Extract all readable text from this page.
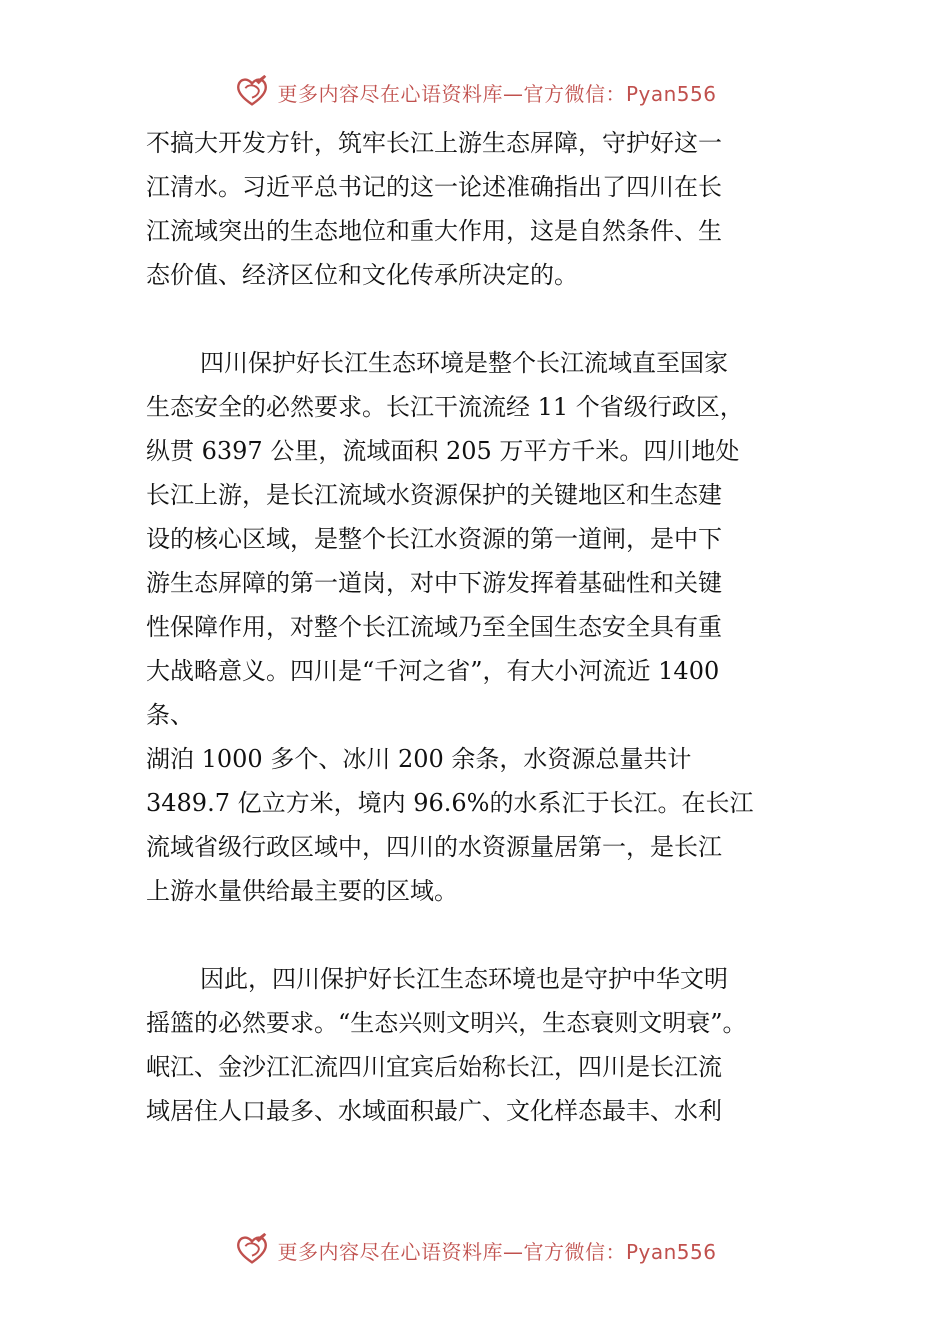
更多内容尽在心语资料库—官方微信：Pyan556
不搞大开发方针，筑牢长江上游生态屏障，守护好这一
江清水。习近平总书记的这一论述准确指出了四川在长
江流域突出的生态地位和重大作用，这是自然条件、生
态价值、经济区位和文化传承所决定的。
四川保护好长江生态环境是整个长江流域直至国家
生态安全的必然要求。长江干流流经 11 个省级行政区，
纵贯 6397 公里，流域面积 205 万平方千米。四川地处
长江上游，是长江流域水资源保护的关键地区和生态建
设的核心区域，是整个长江水资源的第一道闸，是中下
游生态屏障的第一道岗，对中下游发挥着基础性和关键
性保障作用，对整个长江流域乃至全国生态安全具有重
大战略意义。四川是“千河之省”，有大小河流近 1400
条、
湖泊 1000 多个、冰川 200 余条，水资源总量共计
3489.7 亿立方米，境内 96.6%的水系汇于长江。在长江
流域省级行政区域中，四川的水资源量居第一，是长江
上游水量供给最主要的区域。
因此，四川保护好长江生态环境也是守护中华文明
摇篮的必然要求。“生态兴则文明兴，生态衰则文明衰”。
岷江、金沙江汇流四川宜宾后始称长江，四川是长江流
域居住人口最多、水域面积最广、文化样态最丰、水利
更多内容尽在心语资料库—官方微信：Pyan556
